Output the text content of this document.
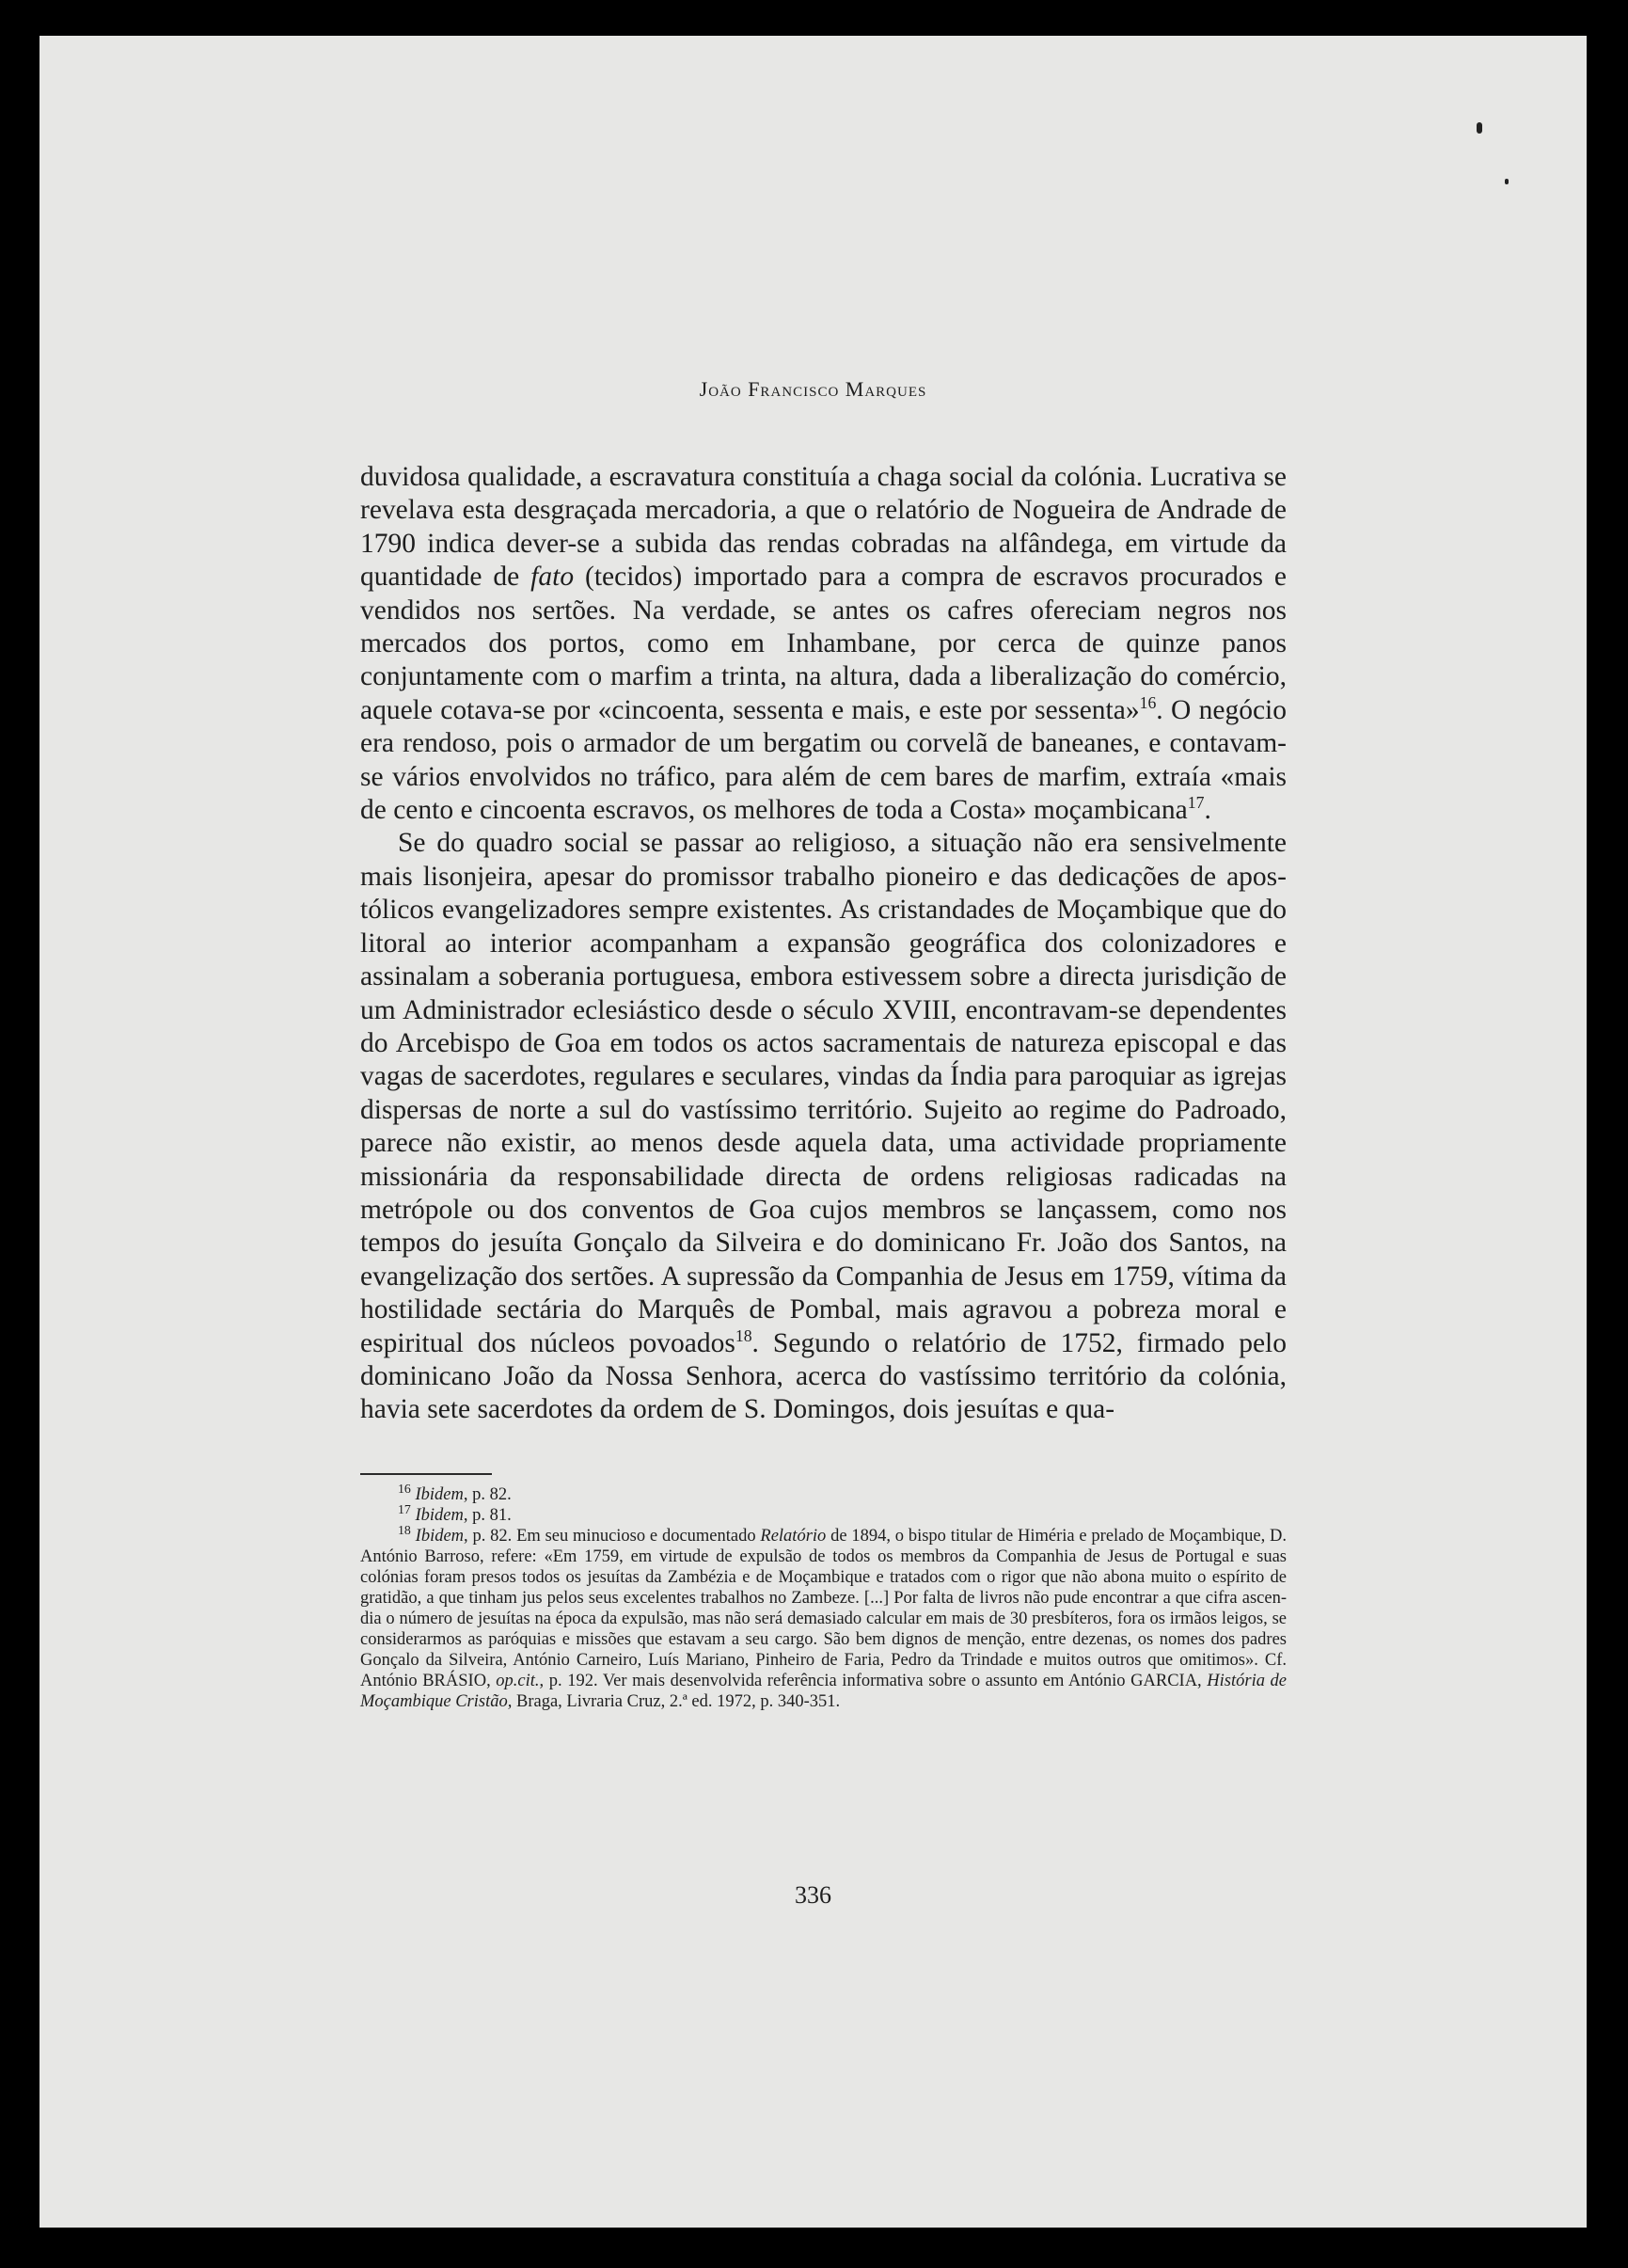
João Francisco Marques

duvidosa qualidade, a escravatura constituía a chaga social da colónia. Lucrativa se revelava esta desgraçada mercadoria, a que o relatório de Nogueira de Andrade de 1790 indica dever-se a subida das rendas cobradas na alfândega, em virtude da quantidade de fato (tecidos) importado para a compra de escravos procurados e vendidos nos sertões. Na verdade, se antes os cafres ofereciam negros nos mercados dos portos, como em Inhambane, por cerca de quinze panos conjuntamente com o marfim a trinta, na altura, dada a liberalização do comércio, aquele cotava-se por «cincoenta, sessenta e mais, e este por sessenta»$^{16}$. O negócio era rendoso, pois o armador de um bergatim ou corvelã de baneanes, e contavam-se vários envolvidos no tráfico, para além de cem bares de marfim, extraía «mais de cento e cincoenta escravos, os melhores de toda a Costa» moçambicana$^{17}$.

Se do quadro social se passar ao religioso, a situação não era sensivelmente mais lisonjeira, apesar do promissor trabalho pioneiro e das dedicações de apostólicos evangelizadores sempre existentes. As cristandades de Moçambique que do litoral ao interior acompanham a expansão geográfica dos colonizadores e assinalam a soberania portuguesa, embora estivessem sobre a directa jurisdição de um Administrador eclesiástico desde o século XVIII, encontravam-se dependentes do Arcebispo de Goa em todos os actos sacramentais de natureza episcopal e das vagas de sacerdotes, regulares e seculares, vindas da Índia para paroquiar as igrejas dispersas de norte a sul do vastíssimo território. Sujeito ao regime do Padroado, parece não existir, ao menos desde aquela data, uma actividade propriamente missionária da responsabilidade directa de ordens religiosas radicadas na metrópole ou dos conventos de Goa cujos membros se lançassem, como nos tempos do jesuíta Gonçalo da Silveira e do dominicano Fr. João dos Santos, na evangelização dos sertões. A supressão da Companhia de Jesus em 1759, vítima da hostilidade sectária do Marquês de Pombal, mais agravou a pobreza moral e espiritual dos núcleos povoados$^{18}$. Segundo o relatório de 1752, firmado pelo dominicano João da Nossa Senhora, acerca do vastíssimo território da colónia, havia sete sacerdotes da ordem de S. Domingos, dois jesuítas e qua-

$^{16}$ Ibidem, p. 82.

$^{17}$ Ibidem, p. 81.

$^{18}$ Ibidem, p. 82. Em seu minucioso e documentado Relatório de 1894, o bispo titular de Himéria e prelado de Moçambique, D. António Barroso, refere: «Em 1759, em virtude de expulsão de todos os membros da Companhia de Jesus de Portugal e suas colónias foram presos todos os jesuítas da Zambézia e de Moçambique e tratados com o rigor que não abona muito o espírito de gratidão, a que tinham jus pelos seus excelentes trabalhos no Zambeze. [...] Por falta de livros não pude encontrar a que cifra ascendia o número de jesuítas na época da expulsão, mas não será demasiado calcular em mais de 30 presbíteros, fora os irmãos leigos, se considerarmos as paróquias e missões que estavam a seu cargo. São bem dignos de menção, entre dezenas, os nomes dos padres Gonçalo da Silveira, António Carneiro, Luís Mariano, Pinheiro de Faria, Pedro da Trindade e muitos outros que omitimos». Cf. António BRÁSIO, op.cit., p. 192. Ver mais desenvolvida referência informativa sobre o assunto em António GARCIA, História de Moçambique Cristão, Braga, Livraria Cruz, 2.ª ed. 1972, p. 340-351.

336
